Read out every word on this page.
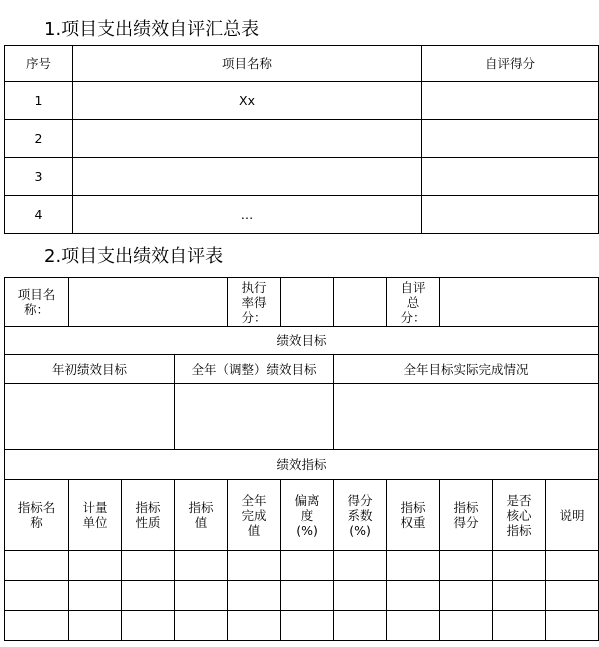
1.项目支出绩效自评汇总表
序号	项目名称	自评得分
1	Xx	
2		
3		
4	…	
2.项目支出绩效自评表
项目名称：				执行率得分：			自评总分：			
绩效目标										
年初绩效目标			全年（调整）绩效目标			全年目标实际完成情况				

绩效指标										
指标名称	计量单位	指标性质	指标值	全年完成值	偏离度(%)	得分系数(%)	指标权重	指标得分	是否核心指标	说明
